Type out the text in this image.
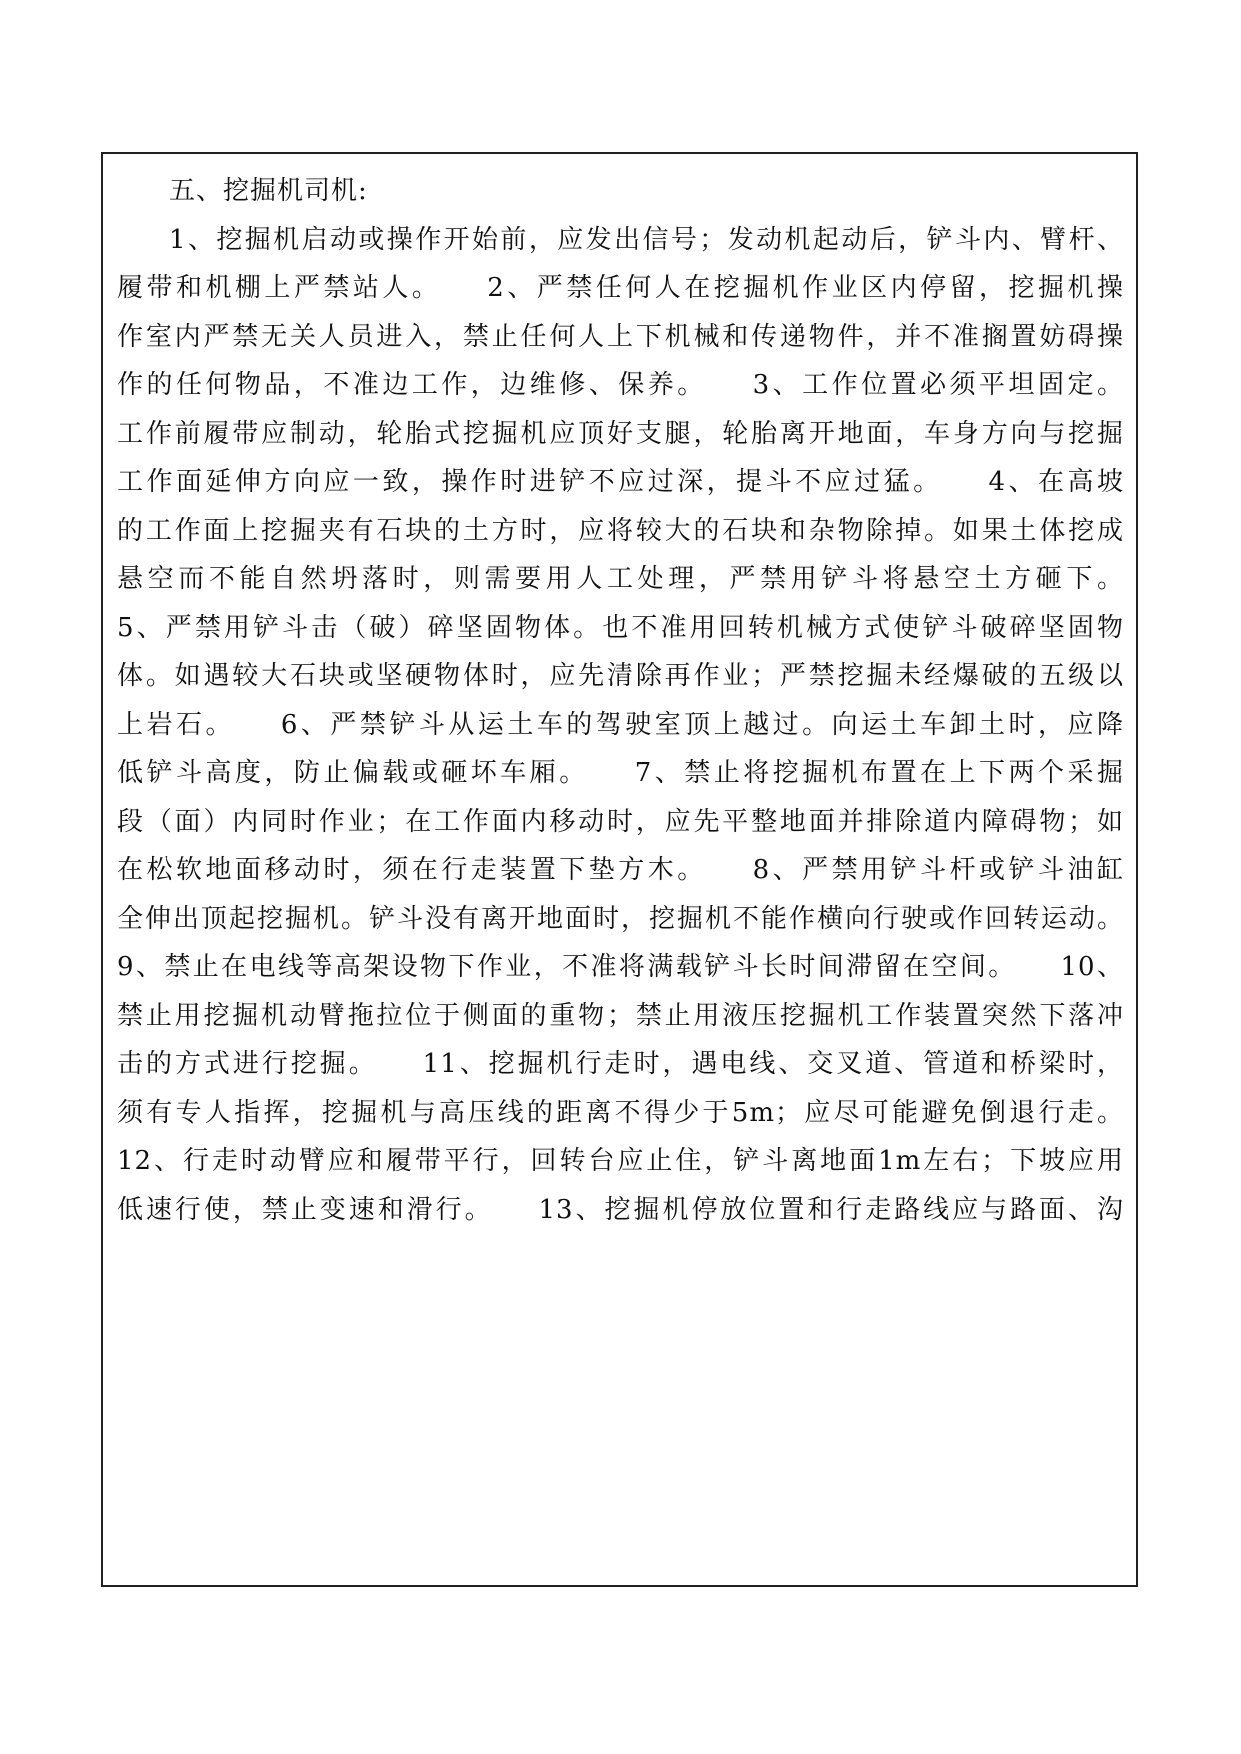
五、挖掘机司机:
1、挖掘机启动或操作开始前，应发出信号；发动机起动后，铲斗内、臂杆、
履带和机棚上严禁站人。　　2、严禁任何人在挖掘机作业区内停留，挖掘机操
作室内严禁无关人员进入，禁止任何人上下机械和传递物件，并不准搁置妨碍操
作的任何物品，不准边工作，边维修、保养。　　3、工作位置必须平坦固定。
工作前履带应制动，轮胎式挖掘机应顶好支腿，轮胎离开地面，车身方向与挖掘
工作面延伸方向应一致，操作时进铲不应过深，提斗不应过猛。　　4、在高坡
的工作面上挖掘夹有石块的土方时，应将较大的石块和杂物除掉。如果土体挖成
悬空而不能自然坍落时，则需要用人工处理，严禁用铲斗将悬空土方砸下。
5、严禁用铲斗击（破）碎坚固物体。也不准用回转机械方式使铲斗破碎坚固物
体。如遇较大石块或坚硬物体时，应先清除再作业；严禁挖掘未经爆破的五级以
上岩石。　　6、严禁铲斗从运土车的驾驶室顶上越过。向运土车卸土时，应降
低铲斗高度，防止偏载或砸坏车厢。　　7、禁止将挖掘机布置在上下两个采掘
段（面）内同时作业；在工作面内移动时，应先平整地面并排除道内障碍物；如
在松软地面移动时，须在行走装置下垫方木。　　8、严禁用铲斗杆或铲斗油缸
全伸出顶起挖掘机。铲斗没有离开地面时，挖掘机不能作横向行驶或作回转运动。
9、禁止在电线等高架设物下作业，不准将满载铲斗长时间滞留在空间。　　10、
禁止用挖掘机动臂拖拉位于侧面的重物；禁止用液压挖掘机工作装置突然下落冲
击的方式进行挖掘。　　11、挖掘机行走时，遇电线、交叉道、管道和桥梁时，
须有专人指挥，挖掘机与高压线的距离不得少于5m；应尽可能避免倒退行走。
12、行走时动臂应和履带平行，回转台应止住，铲斗离地面1m左右；下坡应用
低速行使，禁止变速和滑行。　　13、挖掘机停放位置和行走路线应与路面、沟
